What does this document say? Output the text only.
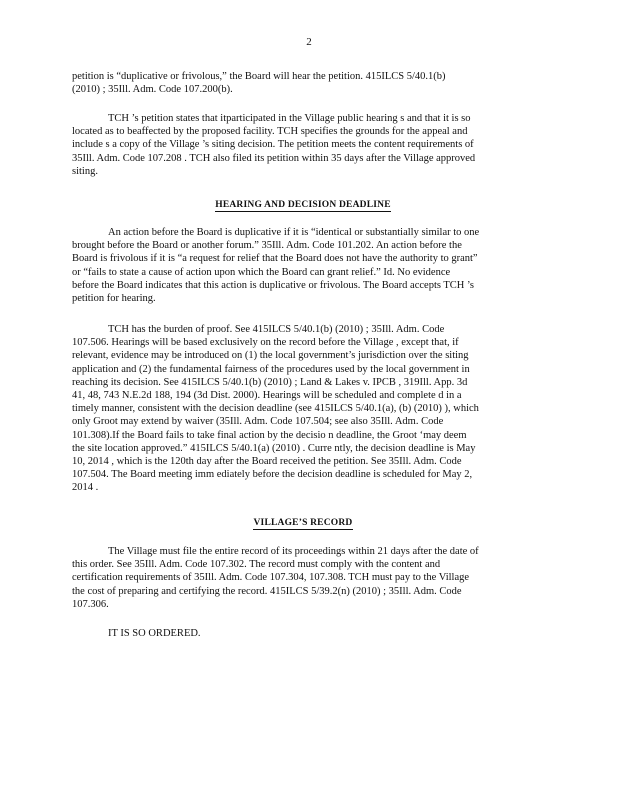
2
petition is “duplicative or frivolous,” the Board will hear the petition. 415ILCS 5/40.1(b)
(2010) ; 35Ill. Adm. Code 107.200(b).
TCH ’s petition states that itparticipated in the Village public hearing s and that it is so
located as to beaffected by the proposed facility. TCH specifies the grounds for the appeal and
include s a copy of the Village ’s siting decision. The petition meets the content requirements of
35Ill. Adm. Code 107.208 . TCH also filed its petition within 35 days after the Village approved
siting.
HEARING AND DECISION DEADLINE
An action before the Board is duplicative if it is “identical or substantially similar to one
brought before the Board or another forum.” 35Ill. Adm. Code 101.202. An action before the
Board is frivolous if it is “a request for relief that the Board does not have the authority to grant”
or “fails to state a cause of action upon which the Board can grant relief.” Id. No evidence
before the Board indicates that this action is duplicative or frivolous. The Board accepts TCH ’s
petition for hearing.
TCH has the burden of proof. See 415ILCS 5/40.1(b) (2010) ; 35Ill. Adm. Code
107.506. Hearings will be based exclusively on the record before the Village , except that, if
relevant, evidence may be introduced on (1) the local government’s jurisdiction over the siting
application and (2) the fundamental fairness of the procedures used by the local government in
reaching its decision. See 415ILCS 5/40.1(b) (2010) ; Land & Lakes v. IPCB , 319Ill. App. 3d
41, 48, 743 N.E.2d 188, 194 (3d Dist. 2000). Hearings will be scheduled and complete d in a
timely manner, consistent with the decision deadline (see 415ILCS 5/40.1(a), (b) (2010) ), which
only Groot may extend by waiver (35Ill. Adm. Code 107.504; see also 35Ill. Adm. Code
101.308).If the Board fails to take final action by the decisio n deadline, the Groot ‘may deem
the site location approved.” 415ILCS 5/40.1(a) (2010) . Curre ntly, the decision deadline is May
10, 2014 , which is the 120th day after the Board received the petition. See 35Ill. Adm. Code
107.504. The Board meeting imm ediately before the decision deadline is scheduled for May 2,
2014 .
VILLAGE’S RECORD
The Village must file the entire record of its proceedings within 21 days after the date of
this order. See 35Ill. Adm. Code 107.302. The record must comply with the content and
certification requirements of 35Ill. Adm. Code 107.304, 107.308. TCH must pay to the Village
the cost of preparing and certifying the record. 415ILCS 5/39.2(n) (2010) ; 35Ill. Adm. Code
107.306.
IT IS SO ORDERED.
